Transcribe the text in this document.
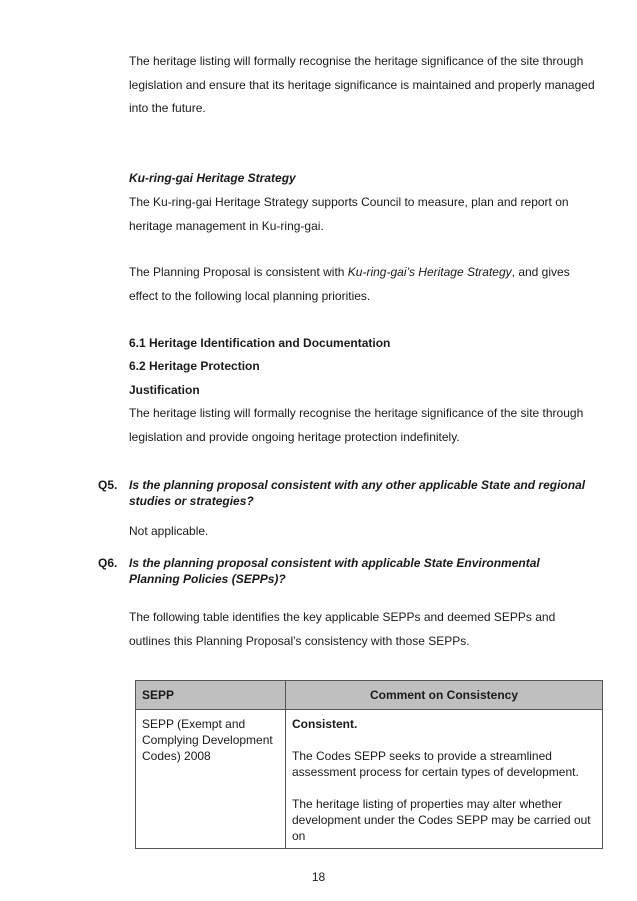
The heritage listing will formally recognise the heritage significance of the site through legislation and ensure that its heritage significance is maintained and properly managed into the future.
Ku-ring-gai Heritage Strategy
The Ku-ring-gai Heritage Strategy supports Council to measure, plan and report on heritage management in Ku-ring-gai.
The Planning Proposal is consistent with Ku-ring-gai’s Heritage Strategy, and gives effect to the following local planning priorities.
6.1 Heritage Identification and Documentation
6.2 Heritage Protection
Justification
The heritage listing will formally recognise the heritage significance of the site through legislation and provide ongoing heritage protection indefinitely.
Q5. Is the planning proposal consistent with any other applicable State and regional studies or strategies?
Not applicable.
Q6. Is the planning proposal consistent with applicable State Environmental Planning Policies (SEPPs)?
The following table identifies the key applicable SEPPs and deemed SEPPs and outlines this Planning Proposal’s consistency with those SEPPs.
SEPP	Comment on Consistency
SEPP (Exempt and Complying Development Codes) 2008	Consistent.

The Codes SEPP seeks to provide a streamlined assessment process for certain types of development.

The heritage listing of properties may alter whether development under the Codes SEPP may be carried out on

18
